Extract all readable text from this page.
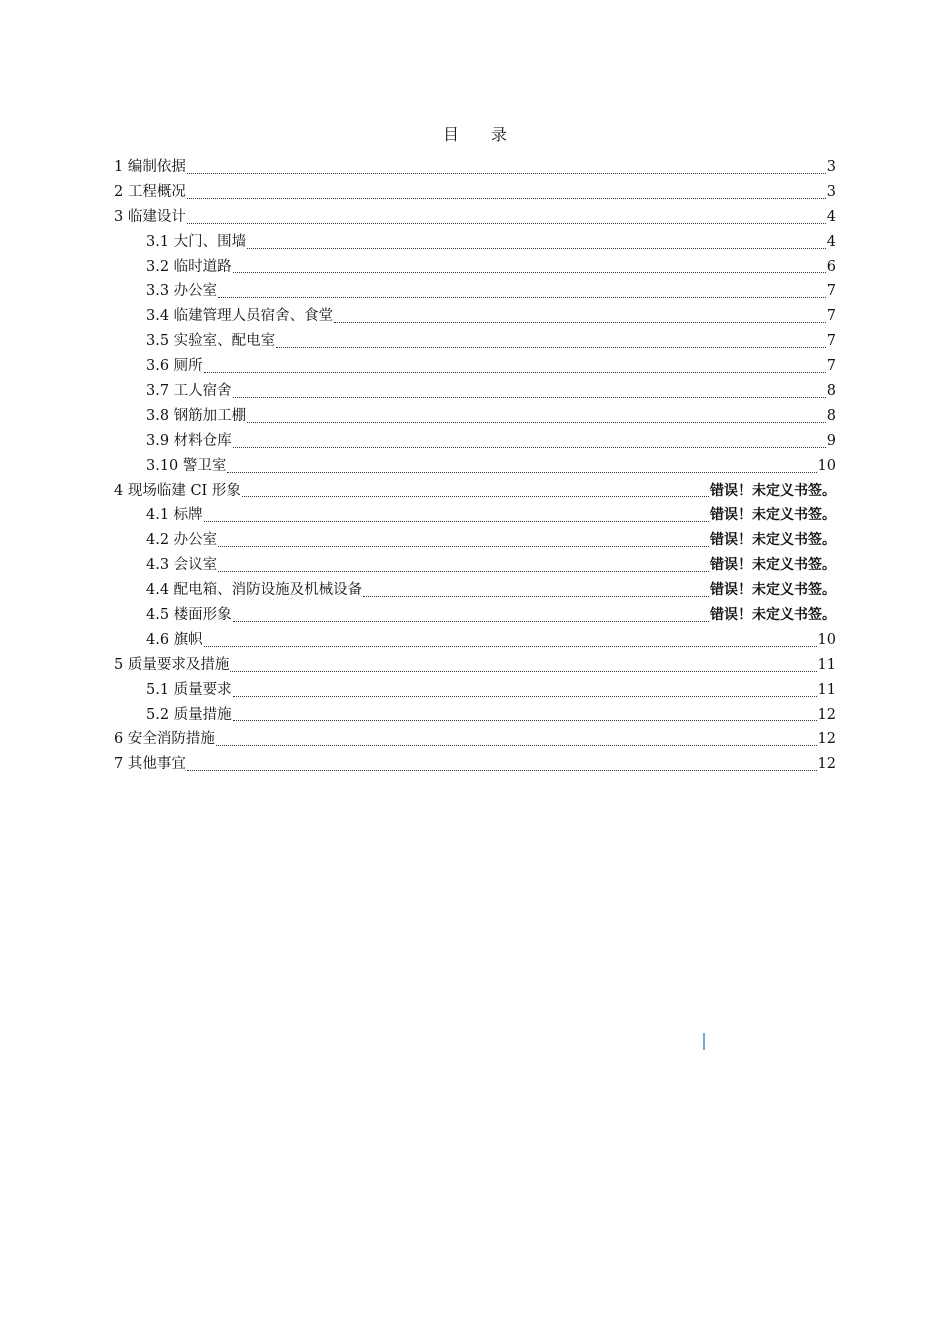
目　　录
1 编制依据	3
2 工程概况	3
3 临建设计	4
3.1 大门、围墙	4
3.2 临时道路	6
3.3 办公室	7
3.4 临建管理人员宿舍、食堂	7
3.5 实验室、配电室	7
3.6 厕所	7
3.7 工人宿舍	8
3.8 钢筋加工棚	8
3.9 材料仓库	9
3.10 警卫室	10
4 现场临建 CI 形象	错误！未定义书签。
4.1 标牌	错误！未定义书签。
4.2 办公室	错误！未定义书签。
4.3 会议室	错误！未定义书签。
4.4 配电箱、消防设施及机械设备	错误！未定义书签。
4.5 楼面形象	错误！未定义书签。
4.6 旗帜	10
5 质量要求及措施	11
5.1 质量要求	11
5.2 质量措施	12
6 安全消防措施	12
7 其他事宜	12
